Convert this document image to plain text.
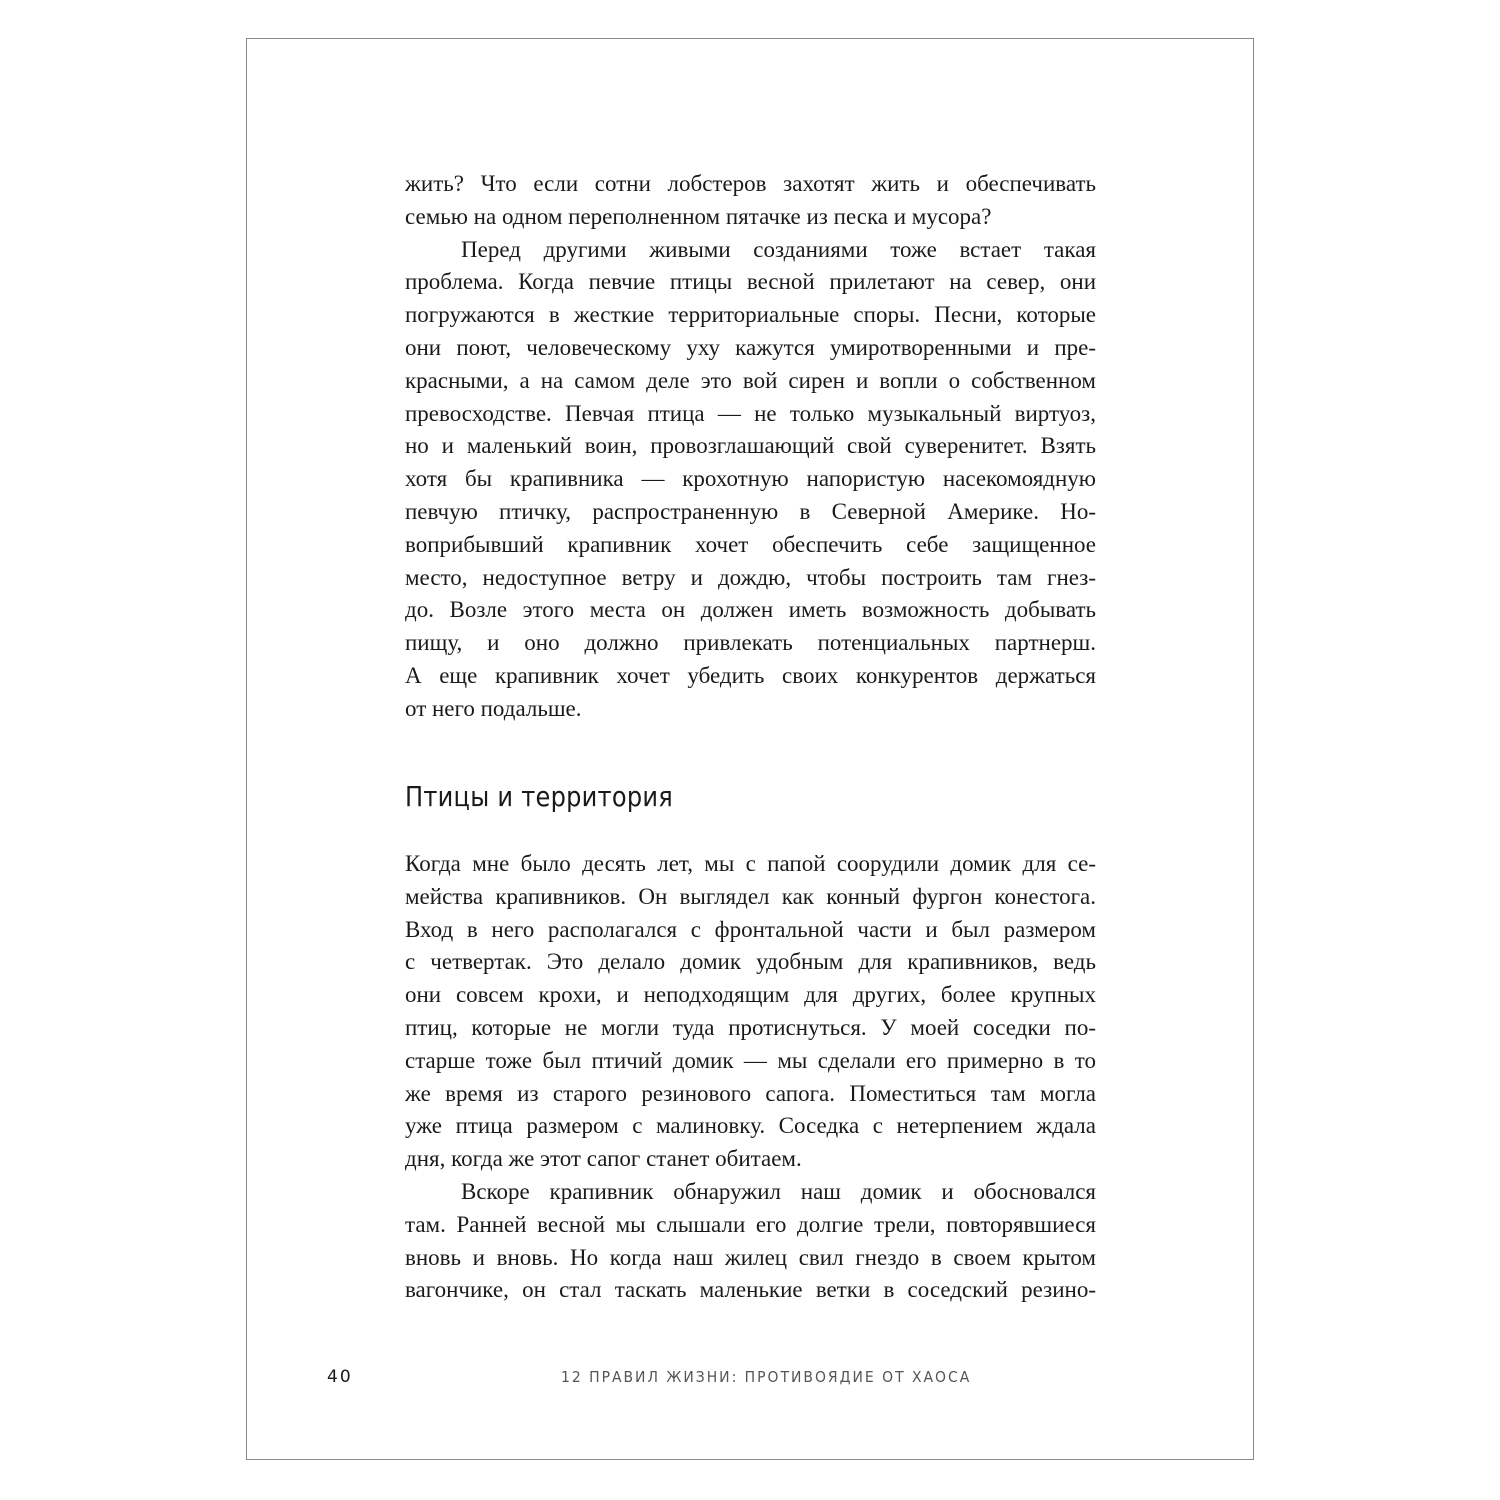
жить? Что если сотни лобстеров захотят жить и обеспечивать
семью на одном переполненном пятачке из песка и мусора?
Перед другими живыми созданиями тоже встает такая
проблема. Когда певчие птицы весной прилетают на север, они
погружаются в жесткие территориальные споры. Песни, которые
они поют, человеческому уху кажутся умиротворенными и пре-
красными, а на самом деле это вой сирен и вопли о собственном
превосходстве. Певчая птица — не только музыкальный виртуоз,
но и маленький воин, провозглашающий свой суверенитет. Взять
хотя бы крапивника — крохотную напористую насекомоядную
певчую птичку, распространенную в Северной Америке. Но-
воприбывший крапивник хочет обеспечить себе защищенное
место, недоступное ветру и дождю, чтобы построить там гнез-
до. Возле этого места он должен иметь возможность добывать
пищу, и оно должно привлекать потенциальных партнерш.
А еще крапивник хочет убедить своих конкурентов держаться
от него подальше.
Птицы и территория
Когда мне было десять лет, мы с папой соорудили домик для се-
мейства крапивников. Он выглядел как конный фургон конестога.
Вход в него располагался с фронтальной части и был размером
с четвертак. Это делало домик удобным для крапивников, ведь
они совсем крохи, и неподходящим для других, более крупных
птиц, которые не могли туда протиснуться. У моей соседки по-
старше тоже был птичий домик — мы сделали его примерно в то
же время из старого резинового сапога. Поместиться там могла
уже птица размером с малиновку. Соседка с нетерпением ждала
дня, когда же этот сапог станет обитаем.
Вскоре крапивник обнаружил наш домик и обосновался
там. Ранней весной мы слышали его долгие трели, повторявшиеся
вновь и вновь. Но когда наш жилец свил гнездо в своем крытом
вагончике, он стал таскать маленькие ветки в соседский резино-
40	12 ПРАВИЛ ЖИЗНИ: ПРОТИВОЯДИЕ ОТ ХАОСА
